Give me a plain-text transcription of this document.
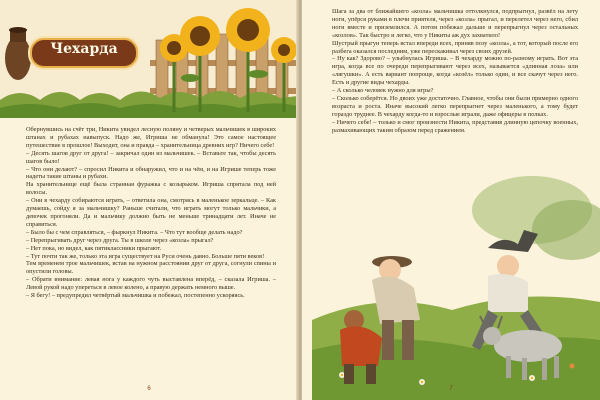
Чехарда

Обернувшись на счёт три, Никита увидел лесную поляну и четверых мальчишек в широких штанах и рубахах навыпуск. Надо же, Игриша не обманула! Это самое настоящее путешествие в прошлое! Выходит, она и правда – хранительница древних игр? Ничего себе!

– Десять шагов друг от друга! – закричал один из мальчишек. – Вставьте так, чтобы десять шагов было!

– Что они делают? – спросил Никита и обнаружил, что и на чём, и на Игрише теперь тоже надеты такие штаны и рубахи.

На хранительнице ещё была странная фуражка с козырьком. Игриша спрятала под ней волосы.

– Они в чехарду собираются играть, – ответила она, смотрясь в маленькое зеркальце. – Как думаешь, сойду я за мальчишку? Раньше считали, что играть могут только мальчики, а девочек прогоняли. Да и мальчику должно быть не меньше тринадцати лет. Иначе не справиться.

– Было бы с чем справляться, – фыркнул Никита. – Что тут вообще делать надо?

– Перепрыгивать друг через друга. Ты в школе через «козла» прыгал?

– Нет пока, но видел, как пятиклассники прыгают.

– Тут почти так же, только эта игра существует на Руси очень давно. Больше пяти веков!

Тем временем трое мальчишек, встав на нужном расстоянии друг от друга, согнули спины и опустили головы.

– Обрати внимание: левая нога у каждого чуть выставлена вперёд, – сказала Игриша. – Левой рукой надо упереться в левое колено, а правую держать немного выше.

– Я бегу! – предупредил четвёртый мальчишка и побежал, постепенно ускоряясь.

6

Шага за два от ближайшего «козла» мальчишка оттолкнулся, подпрыгнул, развёл на лету ноги, упёрся руками в плечи приятеля, через «козла» прыгал, и перелетел через него, сбил ноги вместе и приземлился. А потом побежал дальше и перепрыгнул через остальных «козлов». Так быстро и легко, что у Никиты аж дух захватило!

Шустрый прыгун теперь встал впереди всех, приняв позу «козла», а тот, который после его разбега оказался последним, уже перескакивал через своих друзей.

– Ну как? Здорово? – улыбнулась Игриша. – В чехарду можно по-разному играть. Вот эта игра, когда все по очереди перепрыгивают через всех, называется «длинная лоза» или «лягушки». А есть вариант попроще, когда «козёл» только один, и все скачут через него. Есть и другие виды чехарды.

– А сколько человек нужно для игры?

– Сколько соберётся. Но двоих уже достаточно. Главное, чтобы они были примерно одного возраста и роста. Иначе высокий легко перепрыгнет через маленького, а тому будет гораздо труднее. В чехарду когда-то и взрослые играли, даже офицеры в полках.

– Ничего себе! – только и смог произнести Никита, представив длинную цепочку военных, размахивающих таким образом перед сражением.

7
